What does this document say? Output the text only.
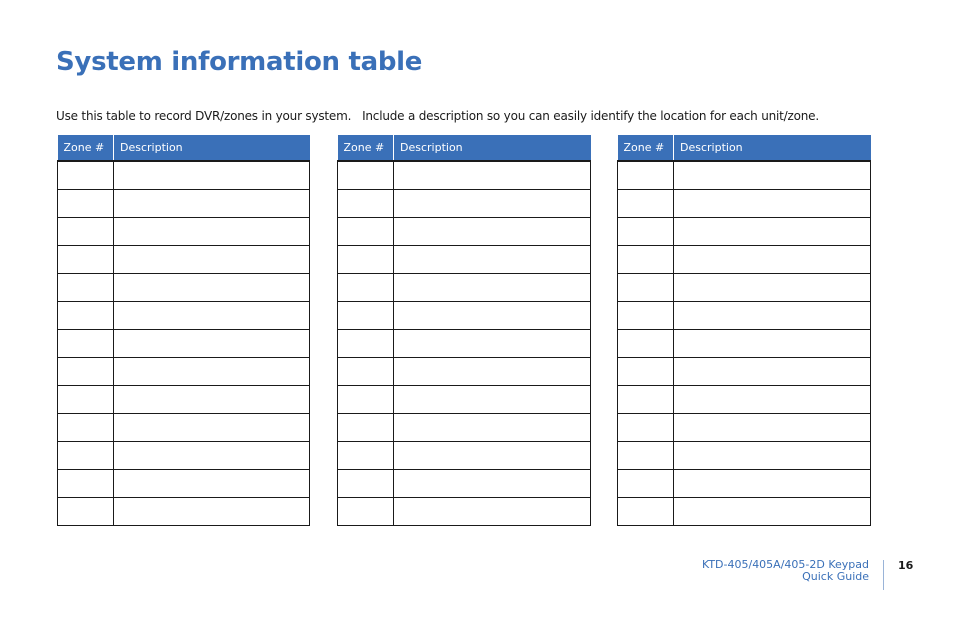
System information table

Use this table to record DVR/zones in your system.   Include a description so you can easily identify the location for each unit/zone.

Zone #	Description

		Zone #	Description

		Zone #	Description

KTD-405/405A/405-2D Keypad
Quick Guide
16
